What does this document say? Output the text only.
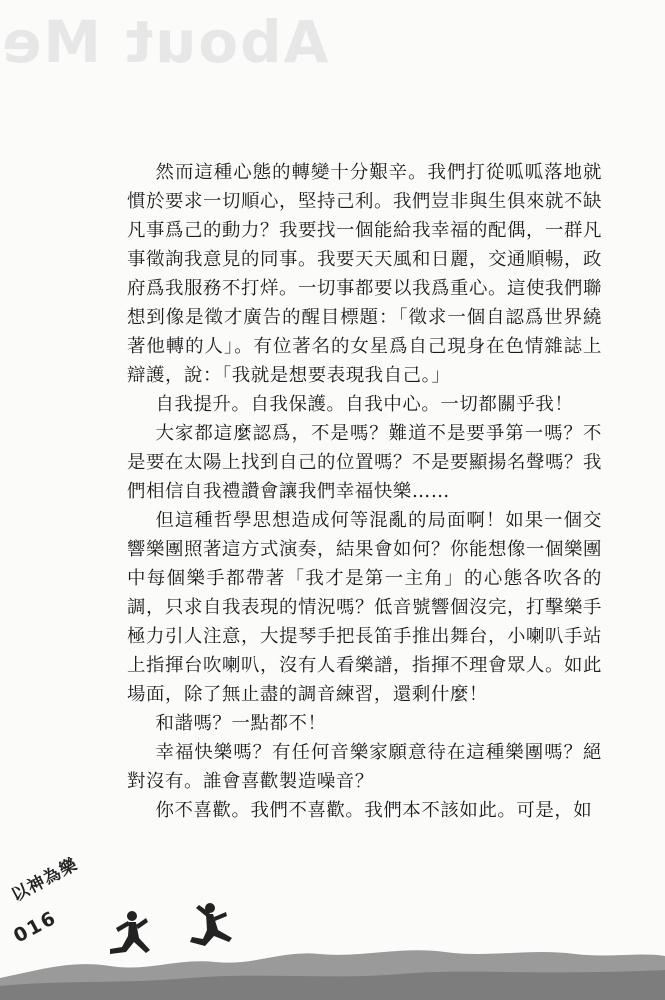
About Me

然而這種心態的轉變十分艱辛。我們打從呱呱落地就慣於要求一切順心，堅持己利。我們豈非與生俱來就不缺凡事爲己的動力？我要找一個能給我幸福的配偶，一群凡事徵詢我意見的同事。我要天天風和日麗，交通順暢，政府爲我服務不打烊。一切事都要以我爲重心。這使我們聯想到像是徵才廣告的醒目標題：「徵求一個自認爲世界繞著他轉的人」。有位著名的女星爲自己現身在色情雜誌上辯護，說：「我就是想要表現我自己。」

自我提升。自我保護。自我中心。一切都關乎我！

大家都這麼認爲，不是嗎？難道不是要爭第一嗎？不是要在太陽上找到自己的位置嗎？不是要顯揚名聲嗎？我們相信自我禮讚會讓我們幸福快樂……

但這種哲學思想造成何等混亂的局面啊！如果一個交響樂團照著這方式演奏，結果會如何？你能想像一個樂團中每個樂手都帶著「我才是第一主角」的心態各吹各的調，只求自我表現的情況嗎？低音號響個沒完，打擊樂手極力引人注意，大提琴手把長笛手推出舞台，小喇叭手站上指揮台吹喇叭，沒有人看樂譜，指揮不理會眾人。如此場面，除了無止盡的調音練習，還剩什麼！

和諧嗎？一點都不！

幸福快樂嗎？有任何音樂家願意待在這種樂團嗎？絕對沒有。誰會喜歡製造噪音？

你不喜歡。我們不喜歡。我們本不該如此。可是，如

以神為樂
016
